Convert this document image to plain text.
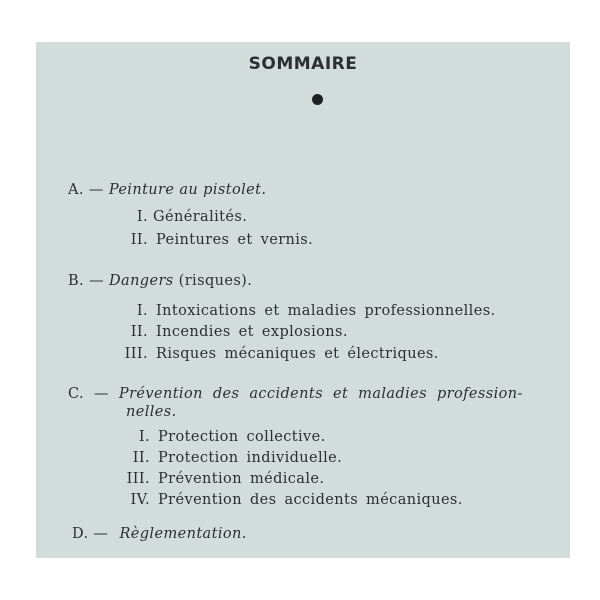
SOMMAIRE
A. — Peinture au pistolet.
I. Généralités.
II. Peintures et vernis.
B. — Dangers (risques).
I. Intoxications et maladies professionnelles.
II. Incendies et explosions.
III. Risques mécaniques et électriques.
C. — Prévention des accidents et maladies profession-
nelles.
I. Protection collective.
II. Protection individuelle.
III. Prévention médicale.
IV. Prévention des accidents mécaniques.
D. — Règlementation.
